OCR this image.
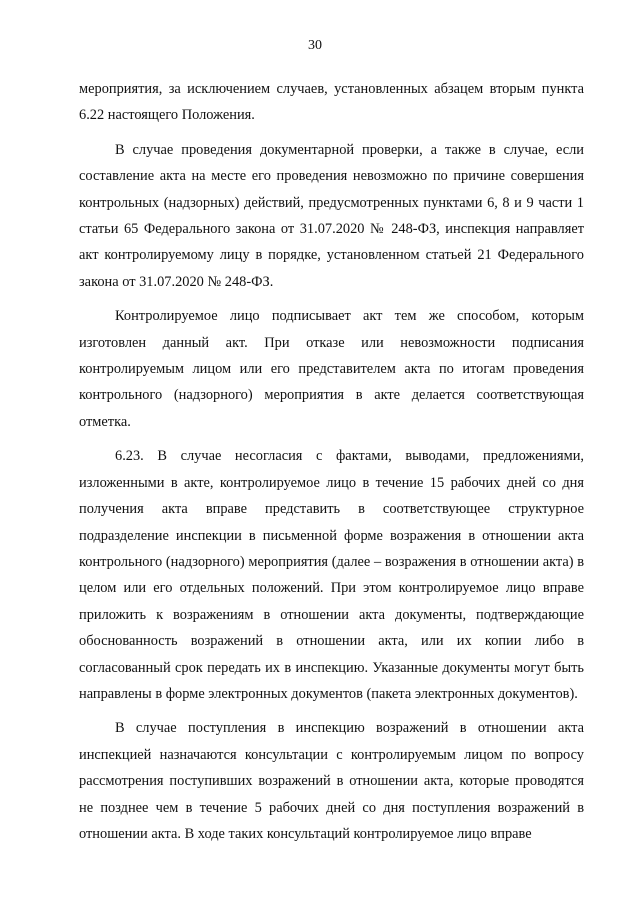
30

мероприятия, за исключением случаев, установленных абзацем вторым пункта 6.22 настоящего Положения.

В случае проведения документарной проверки, а также в случае, если составление акта на месте его проведения невозможно по причине совершения контрольных (надзорных) действий, предусмотренных пунктами 6, 8 и 9 части 1 статьи 65 Федерального закона от 31.07.2020 № 248-ФЗ, инспекция направляет акт контролируемому лицу в порядке, установленном статьей 21 Федерального закона от 31.07.2020 № 248-ФЗ.

Контролируемое лицо подписывает акт тем же способом, которым изготовлен данный акт. При отказе или невозможности подписания контролируемым лицом или его представителем акта по итогам проведения контрольного (надзорного) мероприятия в акте делается соответствующая отметка.

6.23. В случае несогласия с фактами, выводами, предложениями, изложенными в акте, контролируемое лицо в течение 15 рабочих дней со дня получения акта вправе представить в соответствующее структурное подразделение инспекции в письменной форме возражения в отношении акта контрольного (надзорного) мероприятия (далее – возражения в отношении акта) в целом или его отдельных положений. При этом контролируемое лицо вправе приложить к возражениям в отношении акта документы, подтверждающие обоснованность возражений в отношении акта, или их копии либо в согласованный срок передать их в инспекцию. Указанные документы могут быть направлены в форме электронных документов (пакета электронных документов).

В случае поступления в инспекцию возражений в отношении акта инспекцией назначаются консультации с контролируемым лицом по вопросу рассмотрения поступивших возражений в отношении акта, которые проводятся не позднее чем в течение 5 рабочих дней со дня поступления возражений в отношении акта. В ходе таких консультаций контролируемое лицо вправе
